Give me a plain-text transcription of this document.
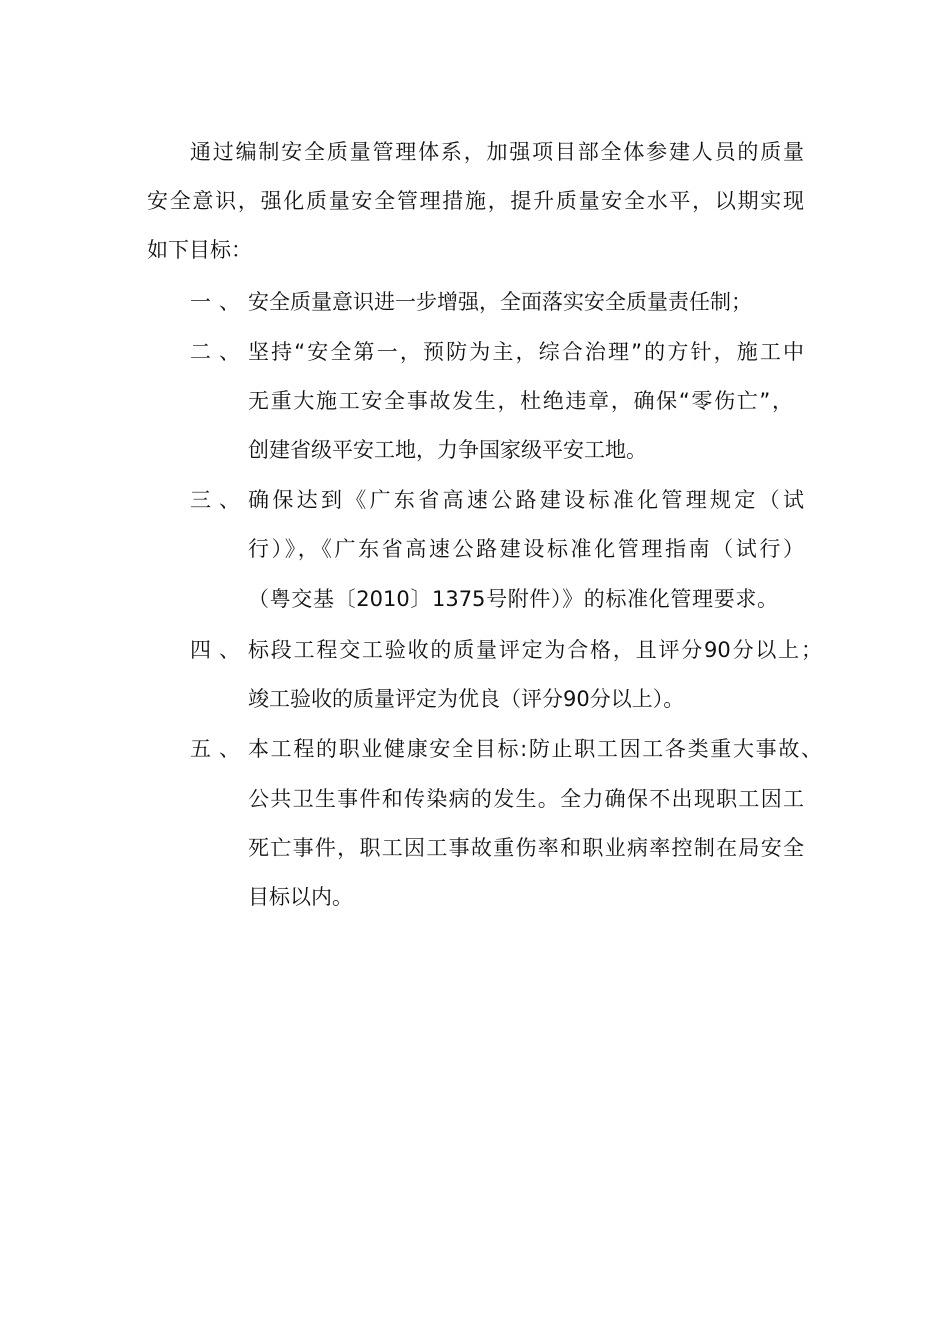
通过编制安全质量管理体系，加强项目部全体参建人员的质量
安全意识，强化质量安全管理措施，提升质量安全水平，以期实现
如下目标：
一、 安全质量意识进一步增强，全面落实安全质量责任制；
二、 坚持“安全第一，预防为主，综合治理”的方针，施工中
无重大施工安全事故发生，杜绝违章，确保“零伤亡”，
创建省级平安工地，力争国家级平安工地。
三、 确保达到《广东省高速公路建设标准化管理规定（试
行）》，《广东省高速公路建设标准化管理指南（试行）
（粤交基〔2010〕1375号附件）》的标准化管理要求。
四、 标段工程交工验收的质量评定为合格，且评分90分以上；
竣工验收的质量评定为优良（评分90分以上）。
五、 本工程的职业健康安全目标:防止职工因工各类重大事故、
公共卫生事件和传染病的发生。全力确保不出现职工因工
死亡事件，职工因工事故重伤率和职业病率控制在局安全
目标以内。
